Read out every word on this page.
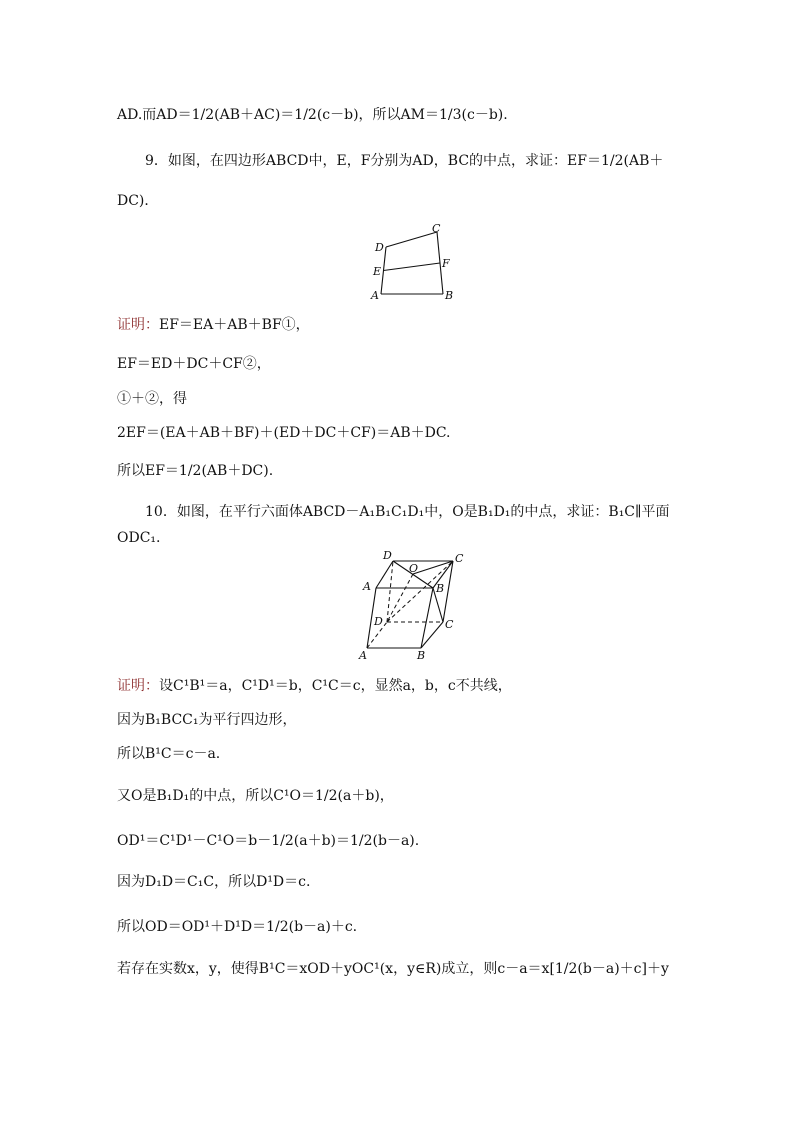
AD.而AD＝1/2(AB＋AC)＝1/2(c－b)，所以AM＝1/3(c－b).
9．如图，在四边形ABCD中，E，F分别为AD，BC的中点，求证：EF＝1/2(AB＋
DC)．
A	B
C
D
E
F
证明：EF＝EA＋AB＋BF①，
EF＝ED＋DC＋CF②，
①＋②，得
2EF＝(EA＋AB＋BF)＋(ED＋DC＋CF)＝AB＋DC.
所以EF＝1/2(AB＋DC).
10．如图，在平行六面体ABCD－A₁B₁C₁D₁中，O是B₁D₁的中点，求证：B₁C∥平面
ODC₁.
A	B
C
D
A	B
C
D
O
证明：设C¹B¹＝a，C¹D¹＝b，C¹C＝c，显然a，b，c不共线，
因为B₁BCC₁为平行四边形，
所以B¹C＝c－a.
又O是B₁D₁的中点，所以C¹O＝1/2(a＋b)，
OD¹＝C¹D¹－C¹O＝b－1/2(a＋b)＝1/2(b－a).
因为D₁D＝C₁C，所以D¹D＝c.
所以OD＝OD¹＋D¹D＝1/2(b－a)＋c.
若存在实数x，y，使得B¹C＝xOD＋yOC¹(x，y∈R)成立，则c－a＝x[1/2(b－a)＋c]＋y
